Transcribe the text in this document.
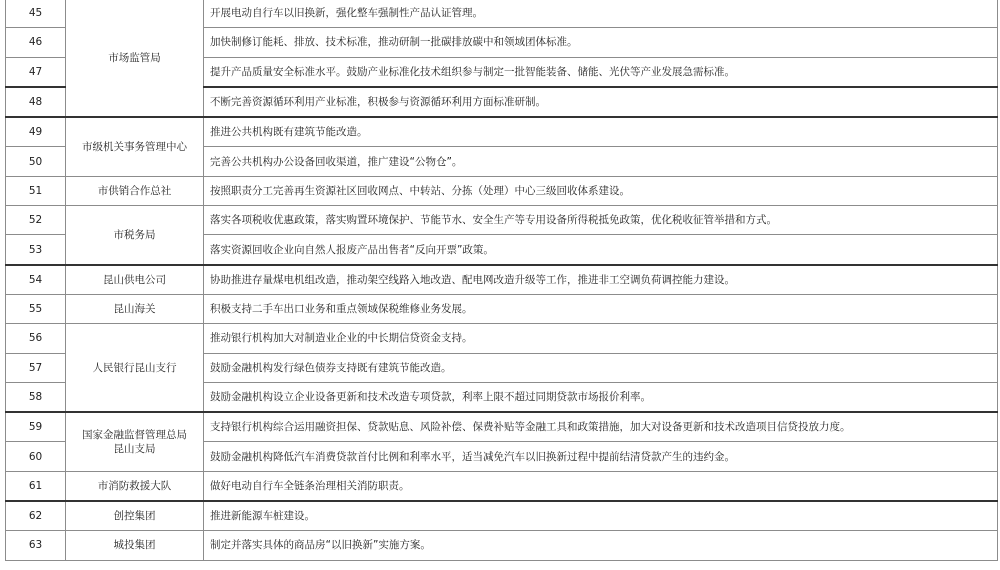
45	市场监管局	开展电动自行车以旧换新，强化整车强制性产品认证管理。
46		加快制修订能耗、排放、技术标准，推动研制一批碳排放碳中和领域团体标准。
47		提升产品质量安全标准水平。鼓励产业标准化技术组织参与制定一批智能装备、储能、光伏等产业发展急需标准。
48		不断完善资源循环利用产业标准，积极参与资源循环利用方面标准研制。
49	市级机关事务管理中心	推进公共机构既有建筑节能改造。
50		完善公共机构办公设备回收渠道，推广建设“公物仓”。
51	市供销合作总社	按照职责分工完善再生资源社区回收网点、中转站、分拣（处理）中心三级回收体系建设。
52	市税务局	落实各项税收优惠政策，落实购置环境保护、节能节水、安全生产等专用设备所得税抵免政策，优化税收征管举措和方式。
53		落实资源回收企业向自然人报废产品出售者“反向开票”政策。
54	昆山供电公司	协助推进存量煤电机组改造，推动架空线路入地改造、配电网改造升级等工作，推进非工空调负荷调控能力建设。
55	昆山海关	积极支持二手车出口业务和重点领域保税维修业务发展。
56	人民银行昆山支行	推动银行机构加大对制造业企业的中长期信贷资金支持。
57		鼓励金融机构发行绿色债券支持既有建筑节能改造。
58		鼓励金融机构设立企业设备更新和技术改造专项贷款，利率上限不超过同期贷款市场报价利率。
59	国家金融监督管理总局
昆山支局	支持银行机构综合运用融资担保、贷款贴息、风险补偿、保费补贴等金融工具和政策措施，加大对设备更新和技术改造项目信贷投放力度。
60		鼓励金融机构降低汽车消费贷款首付比例和利率水平，适当减免汽车以旧换新过程中提前结清贷款产生的违约金。
61	市消防救援大队	做好电动自行车全链条治理相关消防职责。
62	创控集团	推进新能源车桩建设。
63	城投集团	制定并落实具体的商品房“以旧换新”实施方案。
